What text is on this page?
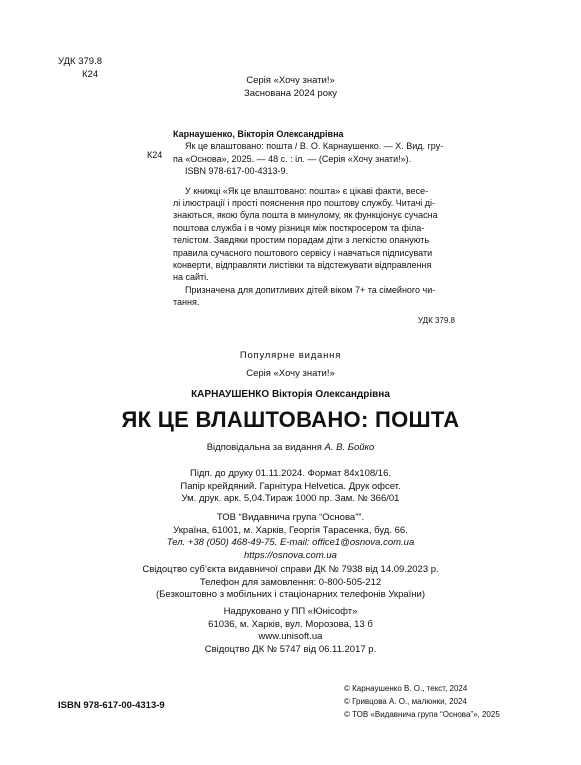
УДК 379.8
К24
Серія «Хочу знати!»
Заснована 2024 року
К24

Карнаушенко, Вікторія Олександрівна

Як це влаштовано: пошта / В. О. Карнаушенко. — Х. Вид. гру-

па «Основа», 2025. — 48 с. : іл. — (Серія «Хочу знати!»).

ISBN 978-617-00-4313-9.

У книжці «Як це влаштовано: пошта» є цікаві факти, весе-

лі ілюстрації і прості пояснення про поштову службу. Читачі ді-

знаються, якою була пошта в минулому, як функціонує сучасна

поштова служба і в чому різниця між посткросером та філа-

телістом. Завдяки простим порадам діти з легкістю опанують

правила сучасного поштового сервісу і навчаться підписувати

конверти, відправляти листівки та відстежувати відправлення

на сайті.

Призначена для допитливих дітей віком 7+ та сімейного чи-

тання.

УДК 379.8

Популярне видання
Серія «Хочу знати!»
КАРНАУШЕНКО Вікторія Олександрівна
ЯК ЦЕ ВЛАШТОВАНО: ПОШТА
Відповідальна за видання А. В. Бойко
Підп. до друку 01.11.2024. Формат 84x108/16.
Папір крейдяний. Гарнітура Helvetica. Друк офсет.
Ум. друк. арк. 5,04.Тираж 1000 пр. Зам. № 366/01
ТОВ “Видавнича група “Основа””.
Україна, 61001, м. Харків, Георгія Тарасенка, буд. 66.
Тел. +38 (050) 468-49-75. E-mail: office1@osnova.com.ua
https://osnova.com.ua
Свідоцтво суб’єкта видавничої справи ДК № 7938 від 14.09.2023 р.
Телефон для замовлення: 0-800-505-212
(Безкоштовно з мобільних і стаціонарних телефонів України)
Надруковано у ПП «Юнісофт»
61036, м. Харків, вул. Морозова, 13 б
www.unisoft.ua
Свідоцтво ДК № 5747 від 06.11.2017 р.
ISBN 978-617-00-4313-9
© Карнаушенко В. О., текст, 2024
© Гривцова А. О., малюнки, 2024
© ТОВ «Видавнича група “Основа”», 2025
